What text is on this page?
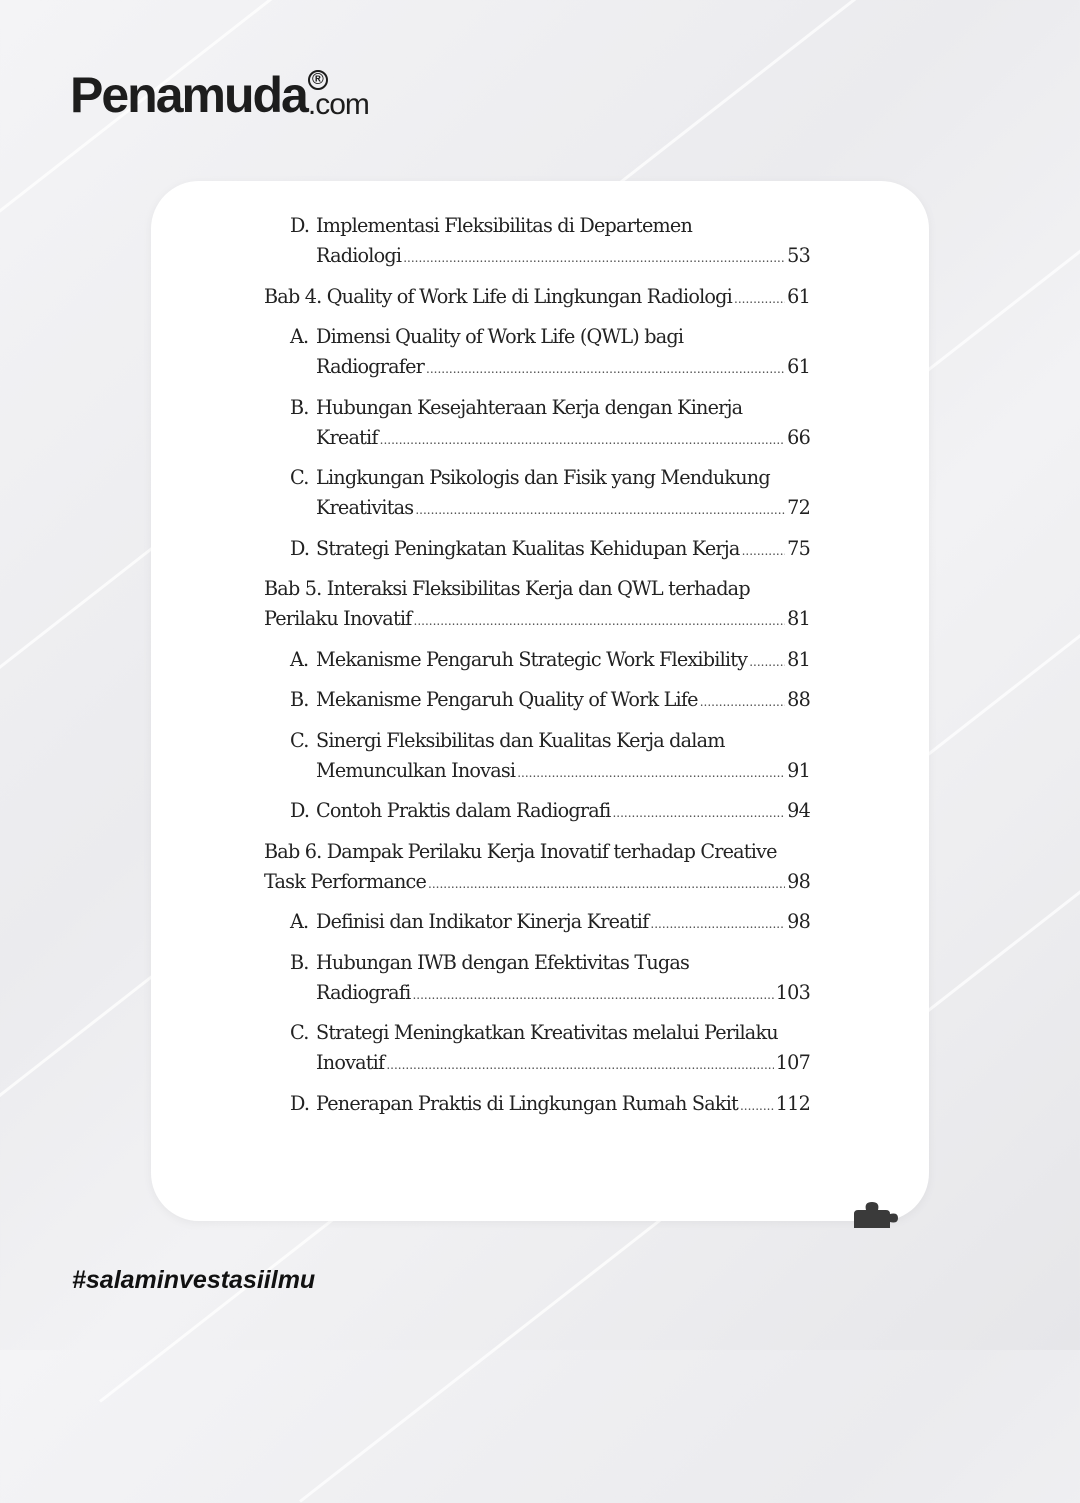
Penamuda ®
.com
D. Implementasi Fleksibilitas di Departemen
Radiologi .....	53
Bab 4. Quality of Work Life di Lingkungan Radiologi .....	61
A. Dimensi Quality of Work Life (QWL) bagi
Radiografer .....	61
B. Hubungan Kesejahteraan Kerja dengan Kinerja
Kreatif .....	66
C. Lingkungan Psikologis dan Fisik yang Mendukung
Kreativitas .....	72
D. Strategi Peningkatan Kualitas Kehidupan Kerja ..... 75
Bab 5. Interaksi Fleksibilitas Kerja dan QWL terhadap
Perilaku Inovatif .....	81
A. Mekanisme Pengaruh Strategic Work Flexibility ..... 81
B. Mekanisme Pengaruh Quality of Work Life .....	88
C. Sinergi Fleksibilitas dan Kualitas Kerja dalam
Memunculkan Inovasi .....	91
D. Contoh Praktis dalam Radiografi .....	94
Bab 6. Dampak Perilaku Kerja Inovatif terhadap Creative
Task Performance .....	98
A. Definisi dan Indikator Kinerja Kreatif .....	98
B. Hubungan IWB dengan Efektivitas Tugas
Radiografi .....	103
C. Strategi Meningkatkan Kreativitas melalui Perilaku
Inovatif .....	107
D. Penerapan Praktis di Lingkungan Rumah Sakit ..... 112
#salaminvestasiilmu
